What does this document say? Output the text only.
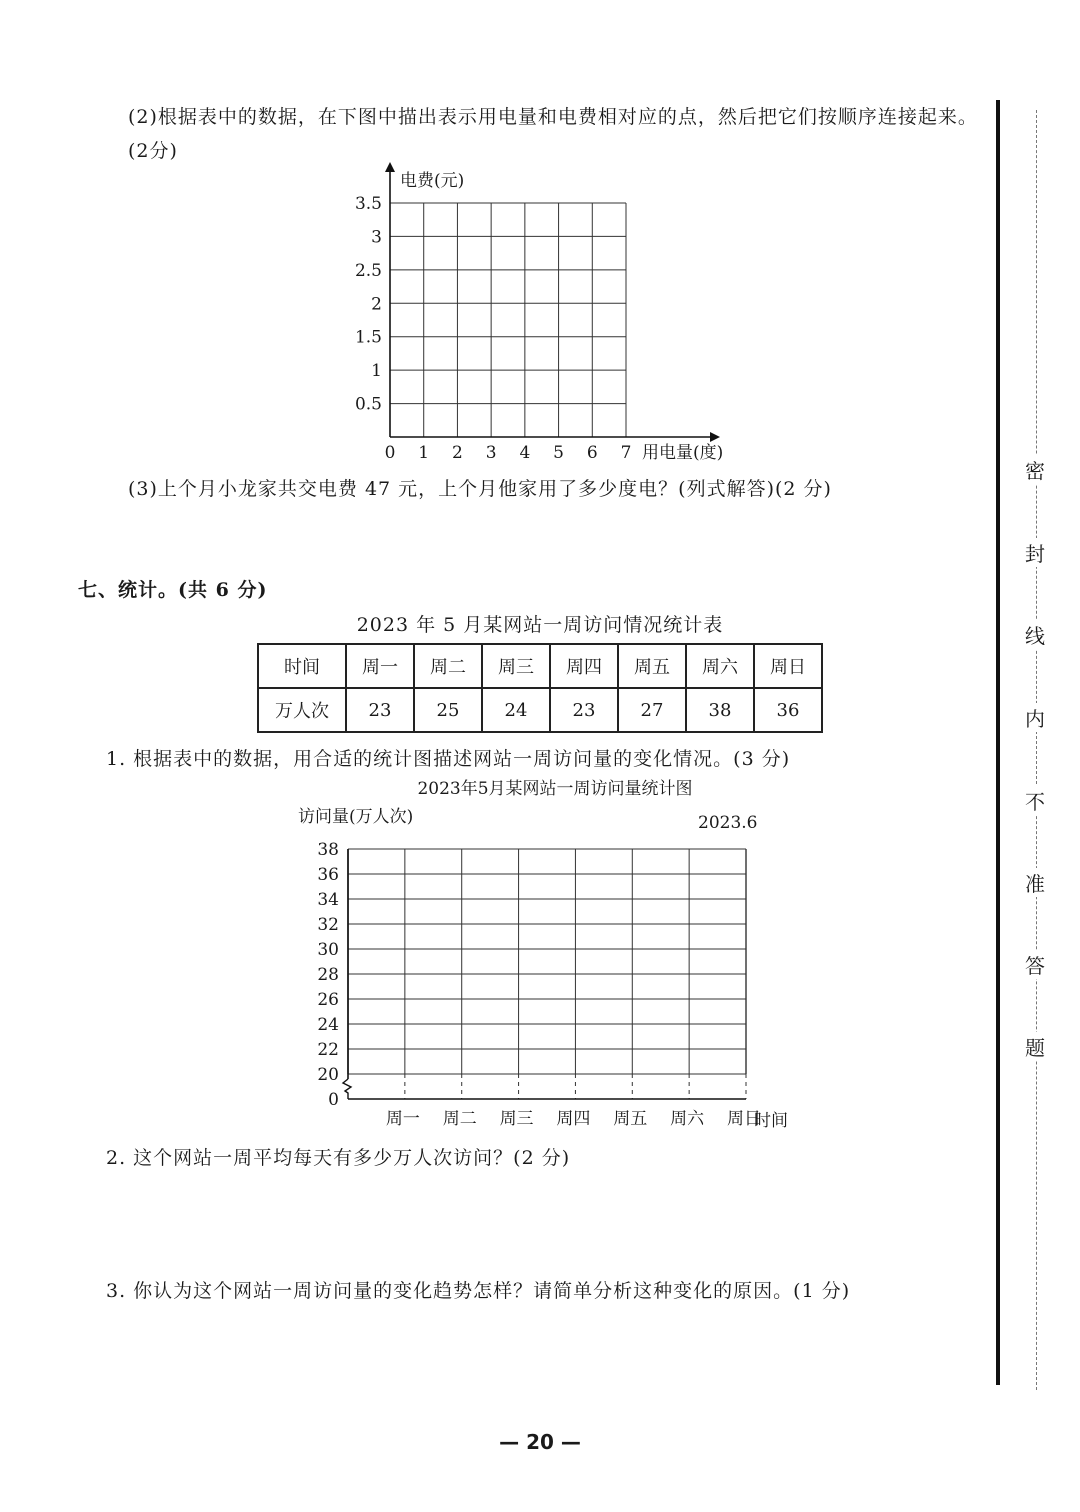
(2)根据表中的数据，在下图中描出表示用电量和电费相对应的点，然后把它们按顺序连接起来。(2分)
电费(元)
用电量(度)
0.5
1
1.5
2
2.5
3
3.5
0 1 2 3 4 5 6 7
(3)上个月小龙家共交电费 47 元，上个月他家用了多少度电？(列式解答)(2 分)
七、统计。(共 6 分)
2023 年 5 月某网站一周访问情况统计表
时间	周一	周二	周三	周四	周五	周六	周日
万人次	23	25	24	23	27	38	36
1. 根据表中的数据，用合适的统计图描述网站一周访问量的变化情况。(3 分)
2023年5月某网站一周访问量统计图
访问量(万人次)	2023.6
时间
0
20
22
24
26
28
30
32
34
36
38
周一 周二 周三 周四 周五 周六 周日
2. 这个网站一周平均每天有多少万人次访问？(2 分)
3. 你认为这个网站一周访问量的变化趋势怎样？请简单分析这种变化的原因。(1 分)
密
封
线
内
不
准
答
题
— 20 —
